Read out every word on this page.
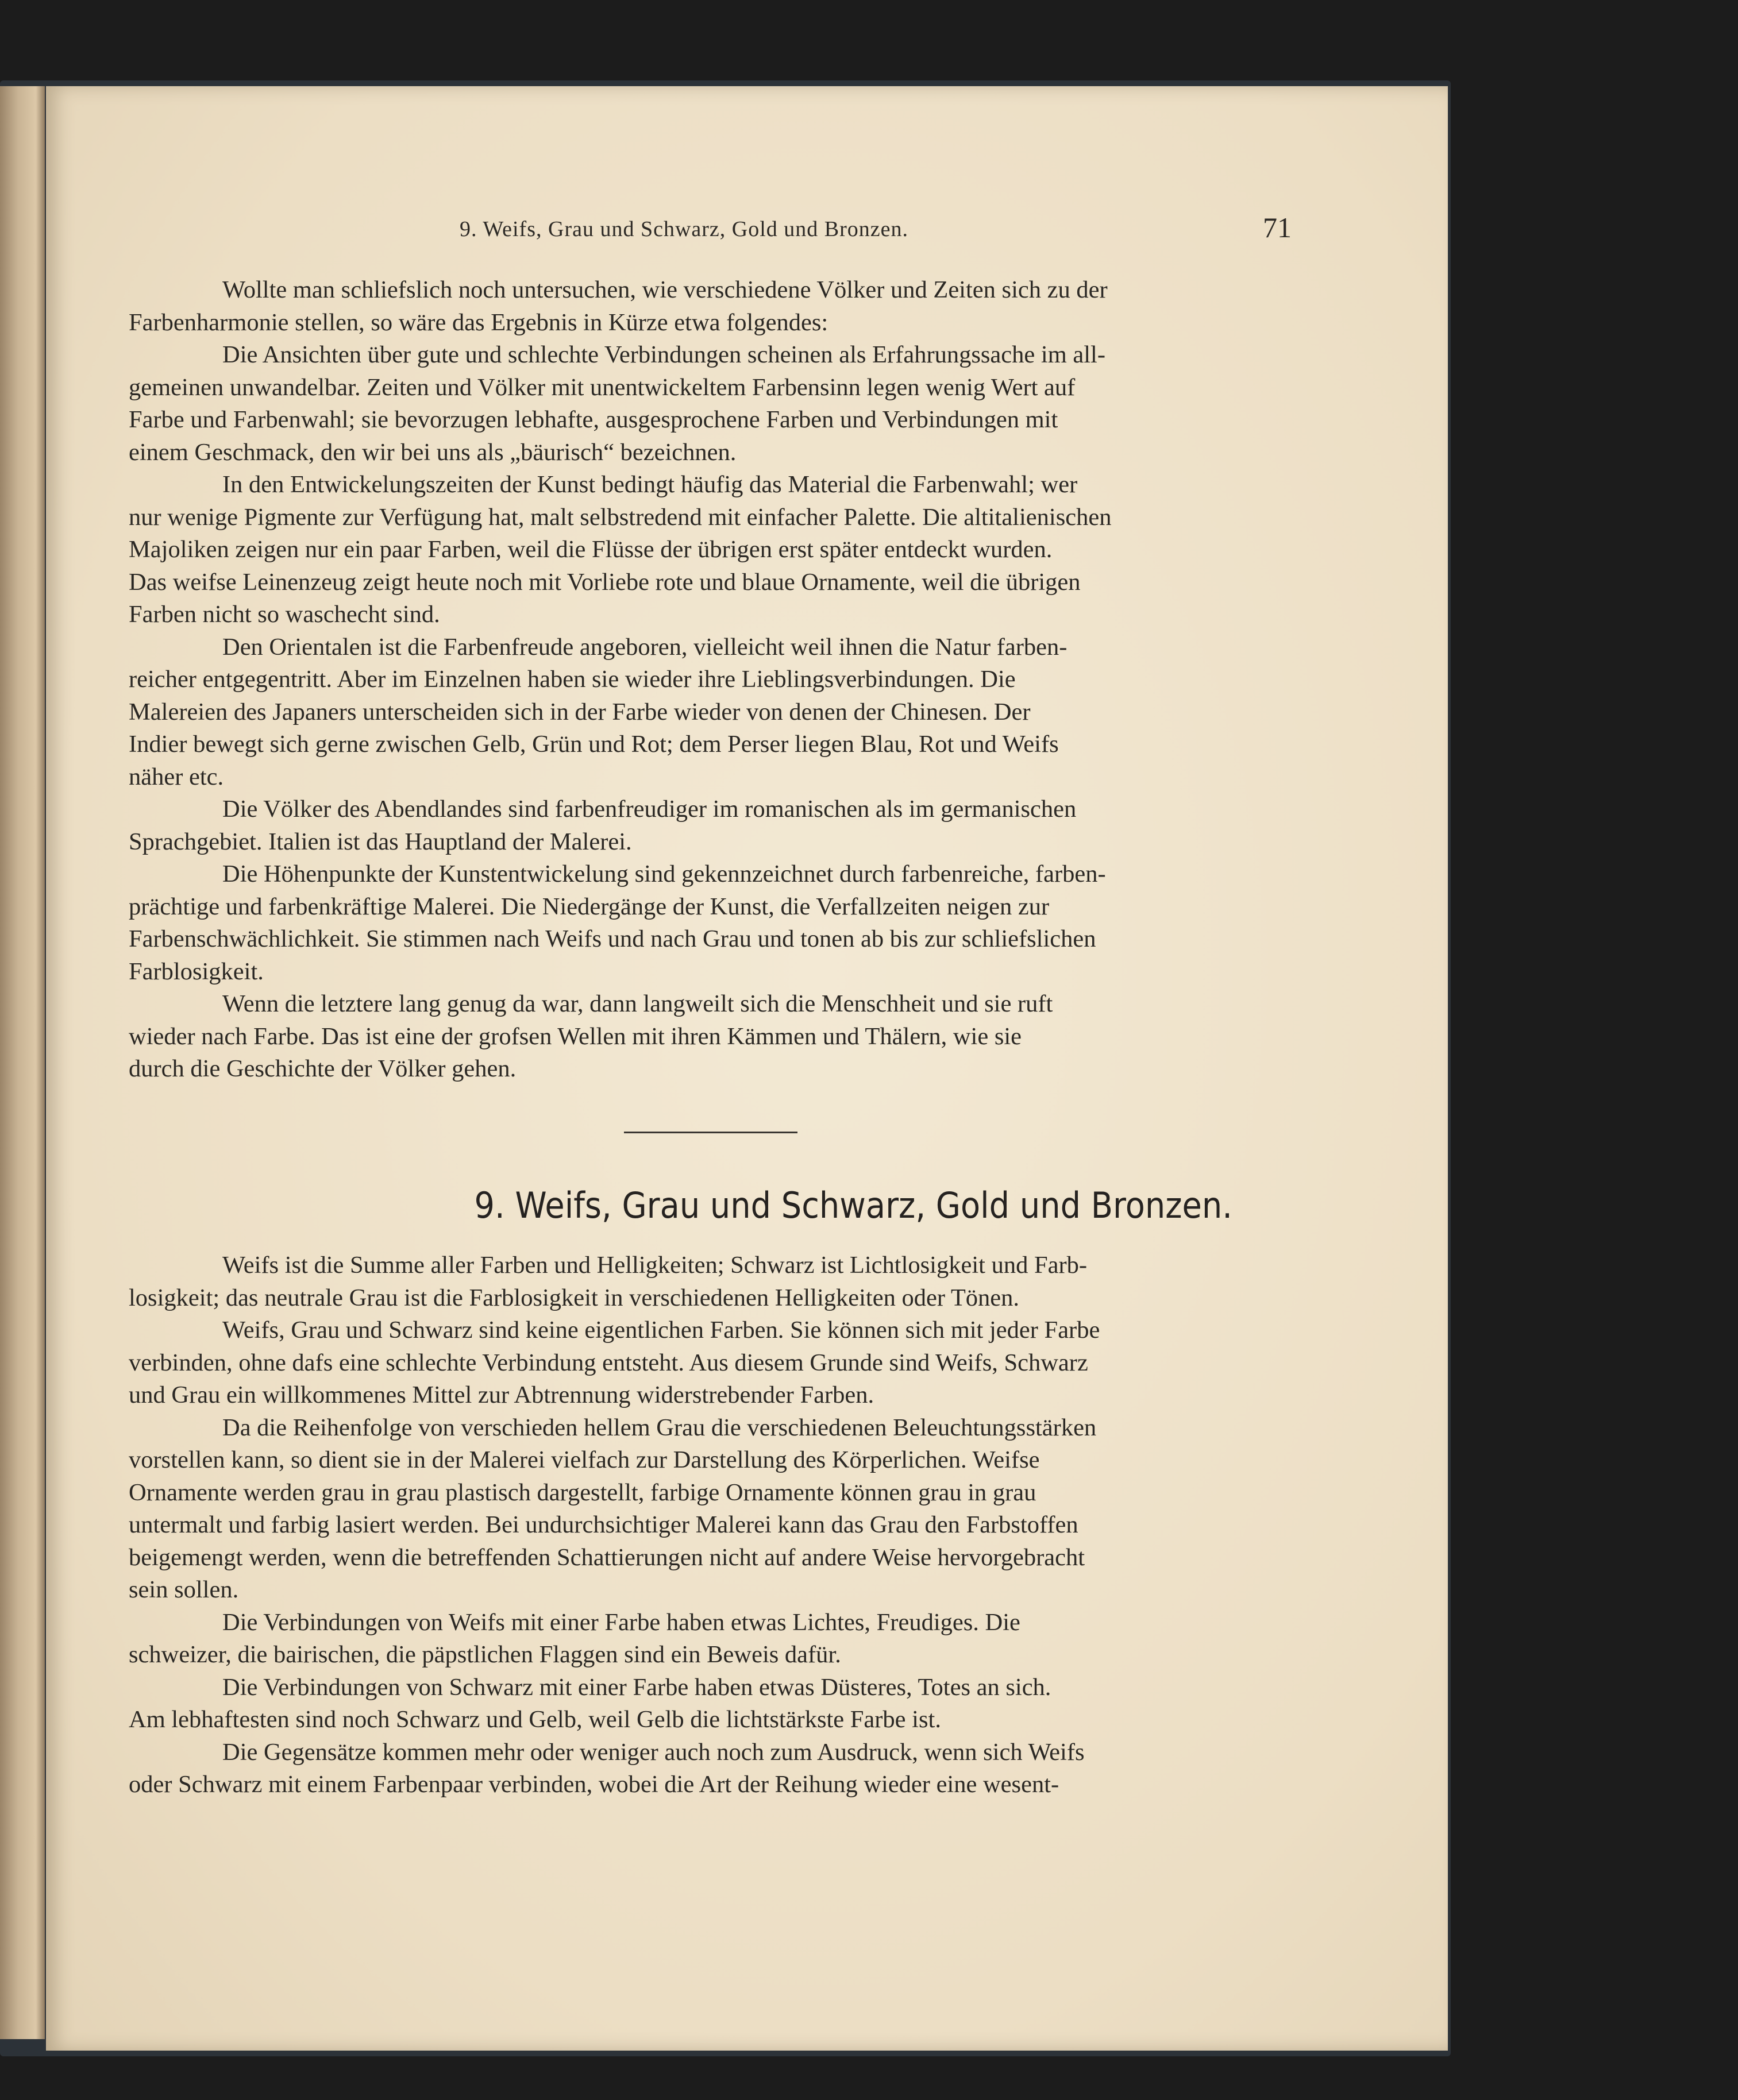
9. Weifs, Grau und Schwarz, Gold und Bronzen.	71

Wollte man schliefslich noch untersuchen, wie verschiedene Völker und Zeiten sich zu der
Farbenharmonie stellen, so wäre das Ergebnis in Kürze etwa folgendes:

Die Ansichten über gute und schlechte Verbindungen scheinen als Erfahrungssache im all-
gemeinen unwandelbar. Zeiten und Völker mit unentwickeltem Farbensinn legen wenig Wert auf
Farbe und Farbenwahl; sie bevorzugen lebhafte, ausgesprochene Farben und Verbindungen mit
einem Geschmack, den wir bei uns als „bäurisch“ bezeichnen.

In den Entwickelungszeiten der Kunst bedingt häufig das Material die Farbenwahl; wer
nur wenige Pigmente zur Verfügung hat, malt selbstredend mit einfacher Palette. Die altitalienischen
Majoliken zeigen nur ein paar Farben, weil die Flüsse der übrigen erst später entdeckt wurden.
Das weifse Leinenzeug zeigt heute noch mit Vorliebe rote und blaue Ornamente, weil die übrigen
Farben nicht so waschecht sind.

Den Orientalen ist die Farbenfreude angeboren, vielleicht weil ihnen die Natur farben-
reicher entgegentritt. Aber im Einzelnen haben sie wieder ihre Lieblingsverbindungen. Die
Malereien des Japaners unterscheiden sich in der Farbe wieder von denen der Chinesen. Der
Indier bewegt sich gerne zwischen Gelb, Grün und Rot; dem Perser liegen Blau, Rot und Weifs
näher etc.

Die Völker des Abendlandes sind farbenfreudiger im romanischen als im germanischen
Sprachgebiet. Italien ist das Hauptland der Malerei.

Die Höhenpunkte der Kunstentwickelung sind gekennzeichnet durch farbenreiche, farben-
prächtige und farbenkräftige Malerei. Die Niedergänge der Kunst, die Verfallzeiten neigen zur
Farbenschwächlichkeit. Sie stimmen nach Weifs und nach Grau und tonen ab bis zur schliefslichen
Farblosigkeit.

Wenn die letztere lang genug da war, dann langweilt sich die Menschheit und sie ruft
wieder nach Farbe. Das ist eine der grofsen Wellen mit ihren Kämmen und Thälern, wie sie
durch die Geschichte der Völker gehen.

9. Weifs, Grau und Schwarz, Gold und Bronzen.

Weifs ist die Summe aller Farben und Helligkeiten; Schwarz ist Lichtlosigkeit und Farb-
losigkeit; das neutrale Grau ist die Farblosigkeit in verschiedenen Helligkeiten oder Tönen.

Weifs, Grau und Schwarz sind keine eigentlichen Farben. Sie können sich mit jeder Farbe
verbinden, ohne dafs eine schlechte Verbindung entsteht. Aus diesem Grunde sind Weifs, Schwarz
und Grau ein willkommenes Mittel zur Abtrennung widerstrebender Farben.

Da die Reihenfolge von verschieden hellem Grau die verschiedenen Beleuchtungsstärken
vorstellen kann, so dient sie in der Malerei vielfach zur Darstellung des Körperlichen. Weifse
Ornamente werden grau in grau plastisch dargestellt, farbige Ornamente können grau in grau
untermalt und farbig lasiert werden. Bei undurchsichtiger Malerei kann das Grau den Farbstoffen
beigemengt werden, wenn die betreffenden Schattierungen nicht auf andere Weise hervorgebracht
sein sollen.

Die Verbindungen von Weifs mit einer Farbe haben etwas Lichtes, Freudiges. Die
schweizer, die bairischen, die päpstlichen Flaggen sind ein Beweis dafür.

Die Verbindungen von Schwarz mit einer Farbe haben etwas Düsteres, Totes an sich.
Am lebhaftesten sind noch Schwarz und Gelb, weil Gelb die lichtstärkste Farbe ist.

Die Gegensätze kommen mehr oder weniger auch noch zum Ausdruck, wenn sich Weifs
oder Schwarz mit einem Farbenpaar verbinden, wobei die Art der Reihung wieder eine wesent-
